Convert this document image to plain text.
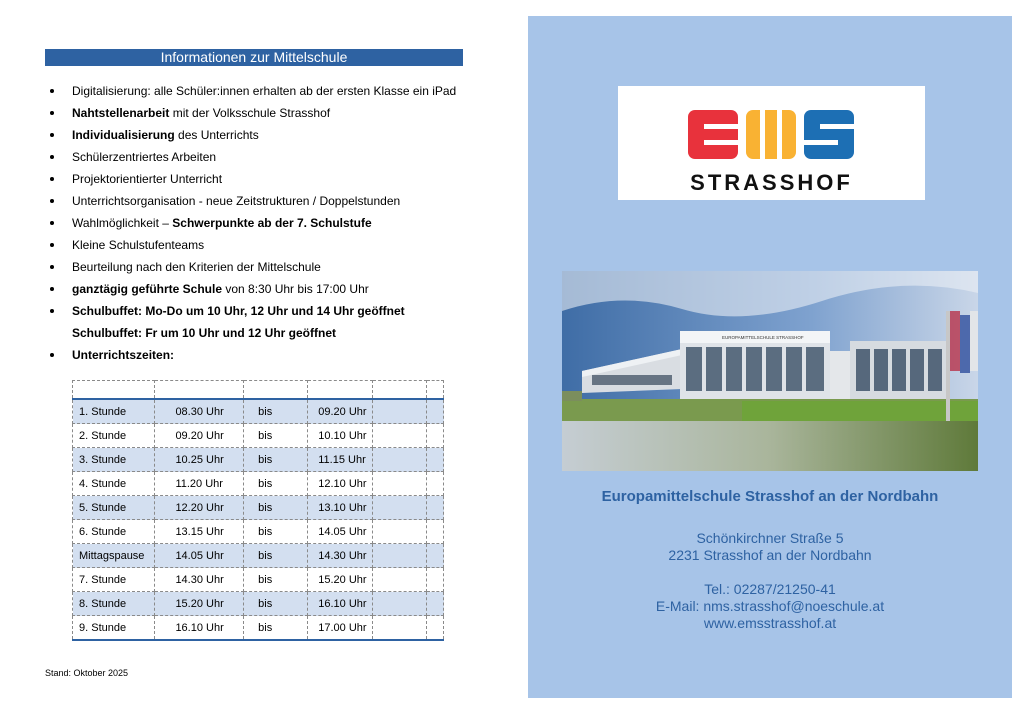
Informationen zur Mittelschule
Digitalisierung: alle Schüler:innen erhalten ab der ersten Klasse ein iPad
Nahtstellenarbeit mit der Volksschule Strasshof
Individualisierung des Unterrichts
Schülerzentriertes Arbeiten
Projektorientierter Unterricht
Unterrichtsorganisation - neue Zeitstrukturen / Doppelstunden
Wahlmöglichkeit – Schwerpunkte ab der 7. Schulstufe
Kleine Schulstufenteams
Beurteilung nach den Kriterien der Mittelschule
ganztägig geführte Schule von 8:30 Uhr bis 17:00 Uhr
Schulbuffet: Mo-Do um 10 Uhr, 12 Uhr und 14 Uhr geöffnet
Schulbuffet: Fr um 10 Uhr und 12 Uhr geöffnet
Unterrichtszeiten:

1. Stunde	08.30 Uhr	bis	09.20 Uhr		
2. Stunde	09.20 Uhr	bis	10.10 Uhr		
3. Stunde	10.25 Uhr	bis	11.15 Uhr		
4. Stunde	11.20 Uhr	bis	12.10 Uhr		
5. Stunde	12.20 Uhr	bis	13.10 Uhr		
6. Stunde	13.15 Uhr	bis	14.05 Uhr		
Mittagspause	14.05 Uhr	bis	14.30 Uhr		
7. Stunde	14.30 Uhr	bis	15.20 Uhr		
8. Stunde	15.20 Uhr	bis	16.10 Uhr		
9. Stunde	16.10 Uhr	bis	17.00 Uhr		
Stand: Oktober 2025
STRASSHOF
EUROPAMITTELSCHULE STRASSHOF
Europamittelschule Strasshof an der Nordbahn
Schönkirchner Straße 5
2231 Strasshof an der Nordbahn
Tel.: 02287/21250-41
E-Mail: nms.strasshof@noeschule.at
www.emsstrasshof.at
